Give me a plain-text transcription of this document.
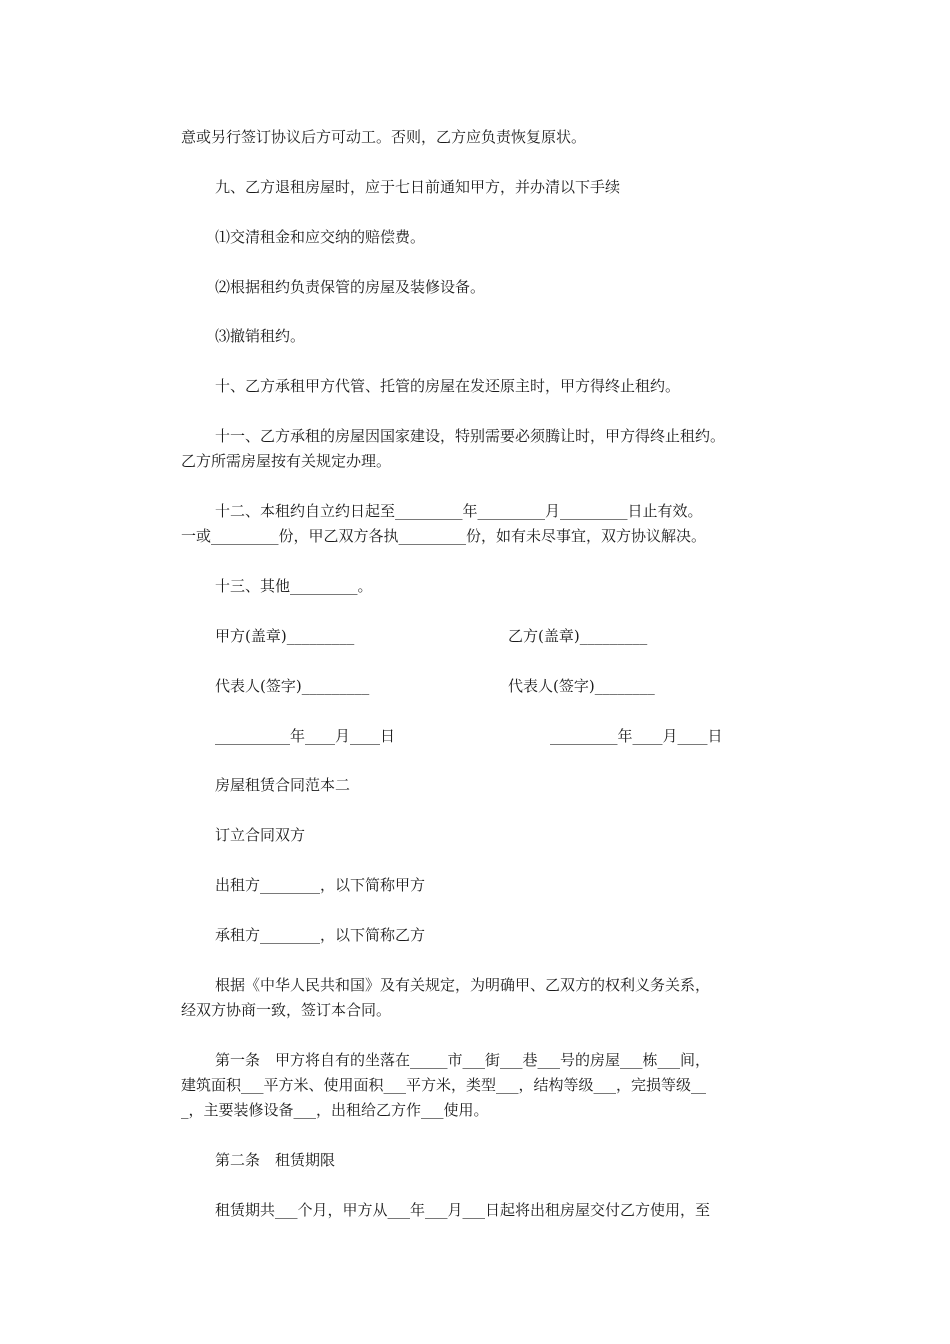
意或另行签订协议后方可动工。否则，乙方应负责恢复原状。
九、乙方退租房屋时，应于七日前通知甲方，并办清以下手续
⑴交清租金和应交纳的赔偿费。
⑵根据租约负责保管的房屋及装修设备。
⑶撤销租约。
十、乙方承租甲方代管、托管的房屋在发还原主时，甲方得终止租约。
十一、乙方承租的房屋因国家建设，特别需要必须腾让时，甲方得终止租约。
乙方所需房屋按有关规定办理。
十二、本租约自立约日起至_________年_________月_________日止有效。
一或_________份，甲乙双方各执_________份，如有未尽事宜，双方协议解决。
十三、其他_________。
甲方(盖章)_________	乙方(盖章)_________
代表人(签字)_________	代表人(签字)________
__________年____月____日	_________年____月____日
房屋租赁合同范本二
订立合同双方
出租方________，以下简称甲方
承租方________，以下简称乙方
根据《中华人民共和国》及有关规定，为明确甲、乙双方的权利义务关系，
经双方协商一致，签订本合同。
第一条　甲方将自有的坐落在_____市___街___巷___号的房屋___栋___间，
建筑面积___平方米、使用面积___平方米，类型___，结构等级___，完损等级__
_，主要装修设备___，出租给乙方作___使用。
第二条　租赁期限
租赁期共___个月，甲方从___年___月___日起将出租房屋交付乙方使用，至
